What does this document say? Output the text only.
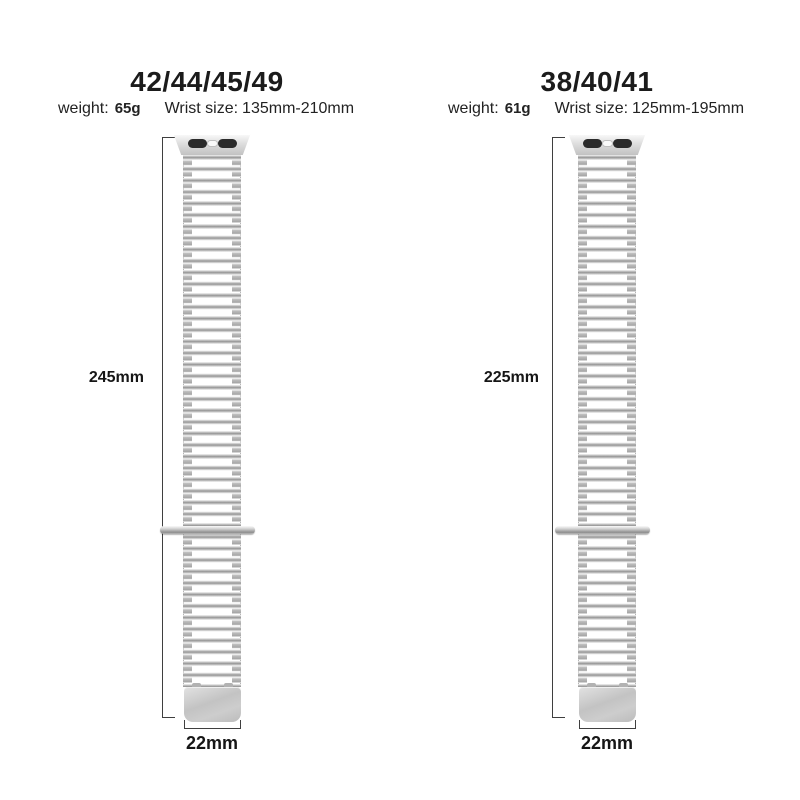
42/44/45/49
weight: 65g Wrist size: 135mm-210mm
245mm
22mm
38/40/41
weight: 61g Wrist size: 125mm-195mm
225mm
22mm
